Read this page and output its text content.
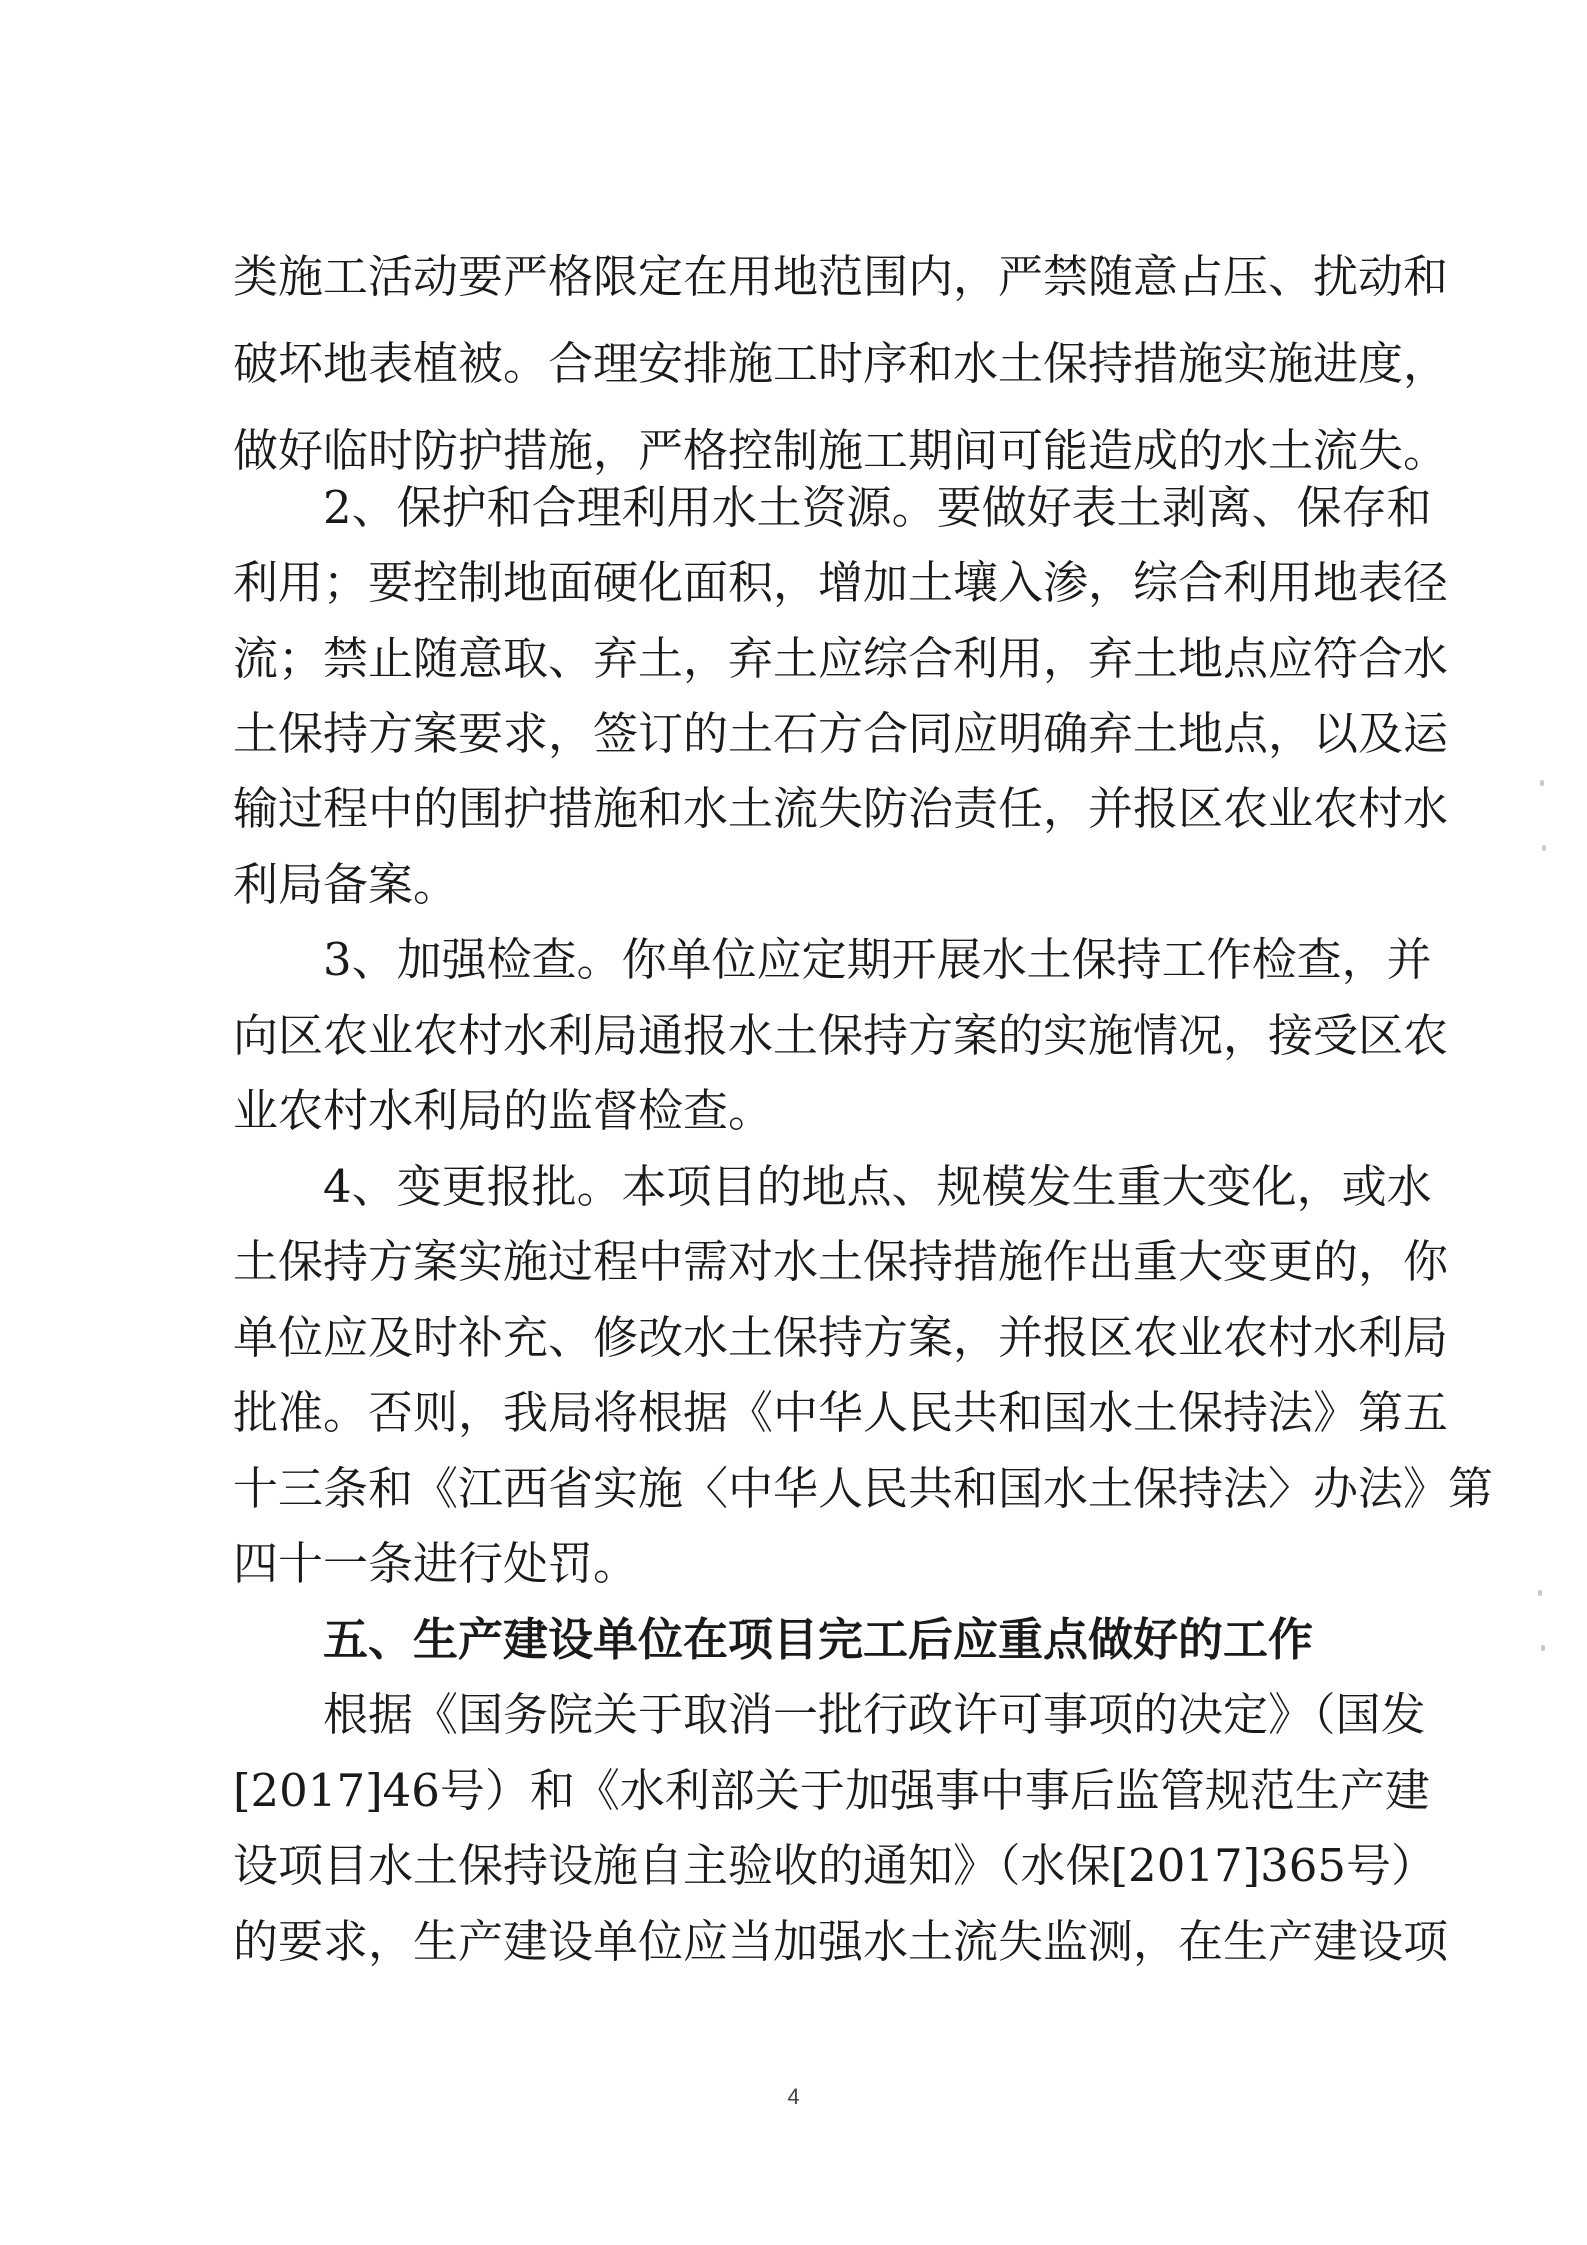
类施工活动要严格限定在用地范围内，严禁随意占压、扰动和
破坏地表植被。合理安排施工时序和水土保持措施实施进度，
做好临时防护措施，严格控制施工期间可能造成的水土流失。
2、保护和合理利用水土资源。要做好表土剥离、保存和
利用；要控制地面硬化面积，增加土壤入渗，综合利用地表径
流；禁止随意取、弃土，弃土应综合利用，弃土地点应符合水
土保持方案要求，签订的土石方合同应明确弃土地点，以及运
输过程中的围护措施和水土流失防治责任，并报区农业农村水
利局备案。
3、加强检查。你单位应定期开展水土保持工作检查，并
向区农业农村水利局通报水土保持方案的实施情况，接受区农
业农村水利局的监督检查。
4、变更报批。本项目的地点、规模发生重大变化，或水
土保持方案实施过程中需对水土保持措施作出重大变更的，你
单位应及时补充、修改水土保持方案，并报区农业农村水利局
批准。否则，我局将根据《中华人民共和国水土保持法》第五
十三条和《江西省实施〈中华人民共和国水土保持法〉办法》第
四十一条进行处罚。
五、生产建设单位在项目完工后应重点做好的工作
根据《国务院关于取消一批行政许可事项的决定》（国发
[2017]46号）和《水利部关于加强事中事后监管规范生产建
设项目水土保持设施自主验收的通知》（水保[2017]365号）
的要求，生产建设单位应当加强水土流失监测，在生产建设项
4
